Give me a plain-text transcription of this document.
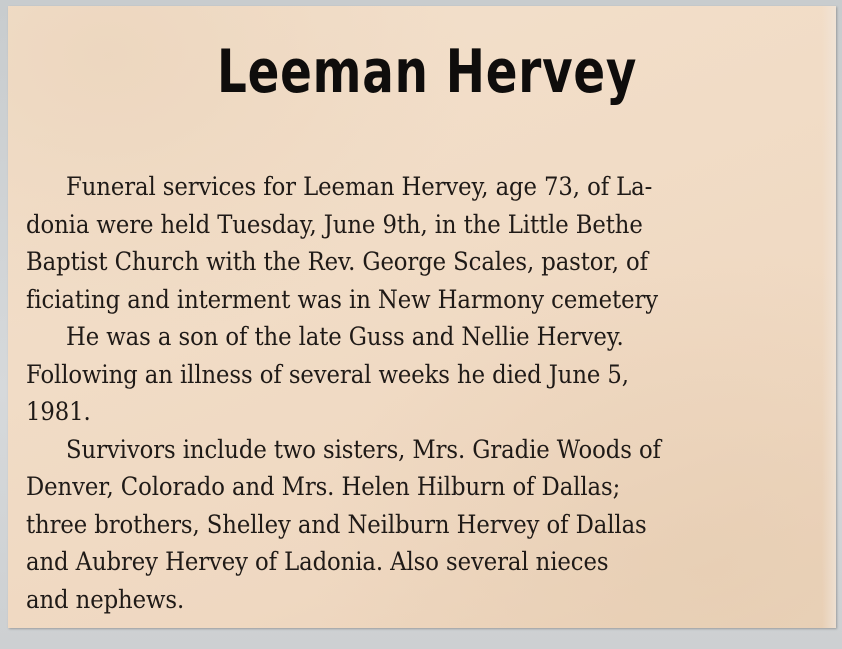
Leeman Hervey
Funeral services for Leeman Hervey, age 73, of La-
donia were held Tuesday, June 9th, in the Little Bethe
Baptist Church with the Rev. George Scales, pastor, of
ficiating and interment was in New Harmony cemetery
He was a son of the late Guss and Nellie Hervey.
Following an illness of several weeks he died June 5,
1981.
Survivors include two sisters, Mrs. Gradie Woods of
Denver, Colorado and Mrs. Helen Hilburn of Dallas;
three brothers, Shelley and Neilburn Hervey of Dallas
and Aubrey Hervey of Ladonia. Also several nieces
and nephews.
